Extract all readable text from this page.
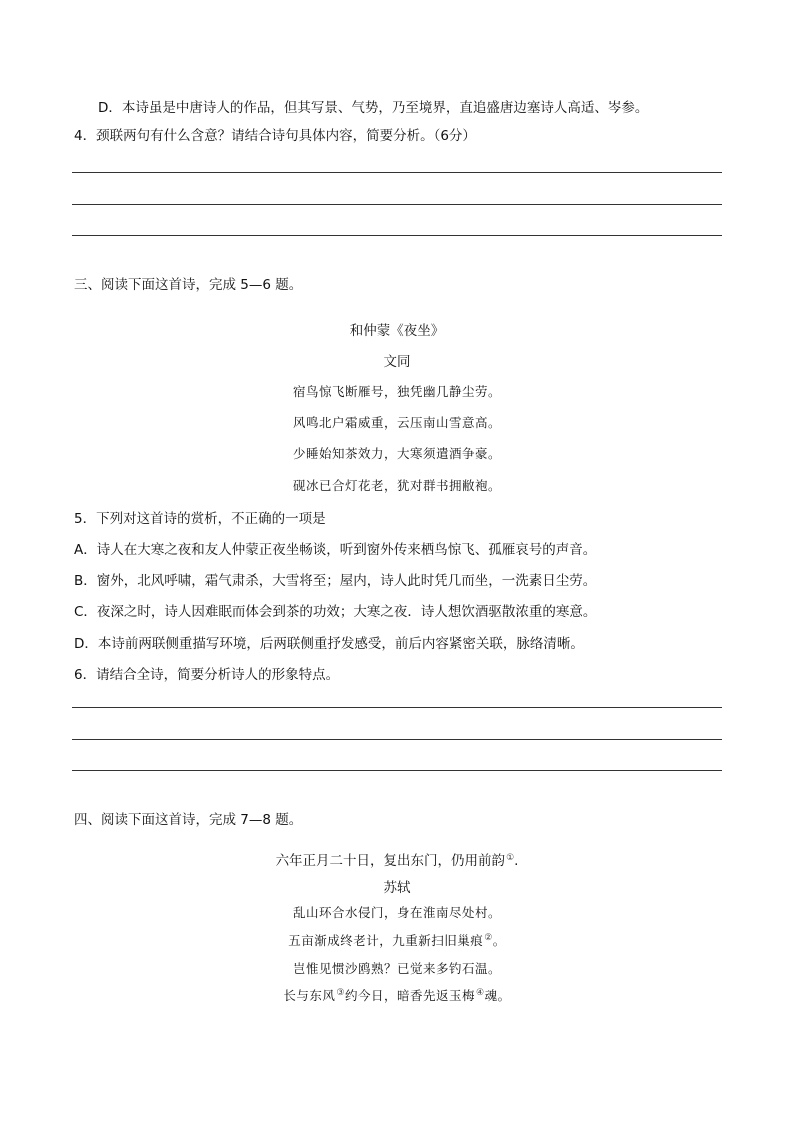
D．本诗虽是中唐诗人的作品，但其写景、气势，乃至境界，直追盛唐边塞诗人高适、岑参。
4．颈联两句有什么含意？请结合诗句具体内容，简要分析。（6分）
三、阅读下面这首诗，完成 5—6 题。
和仲蒙《夜坐》
文同
宿鸟惊飞断雁号，独凭幽几静尘劳。
风鸣北户霜威重，云压南山雪意高。
少睡始知茶效力，大寒须遣酒争豪。
砚冰已合灯花老，犹对群书拥敝袍。
5．下列对这首诗的赏析，不正确的一项是
A．诗人在大寒之夜和友人仲蒙正夜坐畅谈，听到窗外传来栖鸟惊飞、孤雁哀号的声音。
B．窗外，北风呼啸，霜气肃杀，大雪将至；屋内，诗人此时凭几而坐，一洗素日尘劳。
C．夜深之时，诗人因难眠而体会到茶的功效；大寒之夜．诗人想饮酒驱散浓重的寒意。
D．本诗前两联侧重描写环境，后两联侧重抒发感受，前后内容紧密关联，脉络清晰。
6．请结合全诗，简要分析诗人的形象特点。
四、阅读下面这首诗，完成 7—8 题。
六年正月二十日，复出东门，仍用前韵①.
苏轼
乱山环合水侵门，身在淮南尽处村。
五亩渐成终老计，九重新扫旧巢痕②。
岂惟见惯沙鸥熟？已觉来多钓石温。
长与东风③约今日，暗香先返玉梅④魂。
